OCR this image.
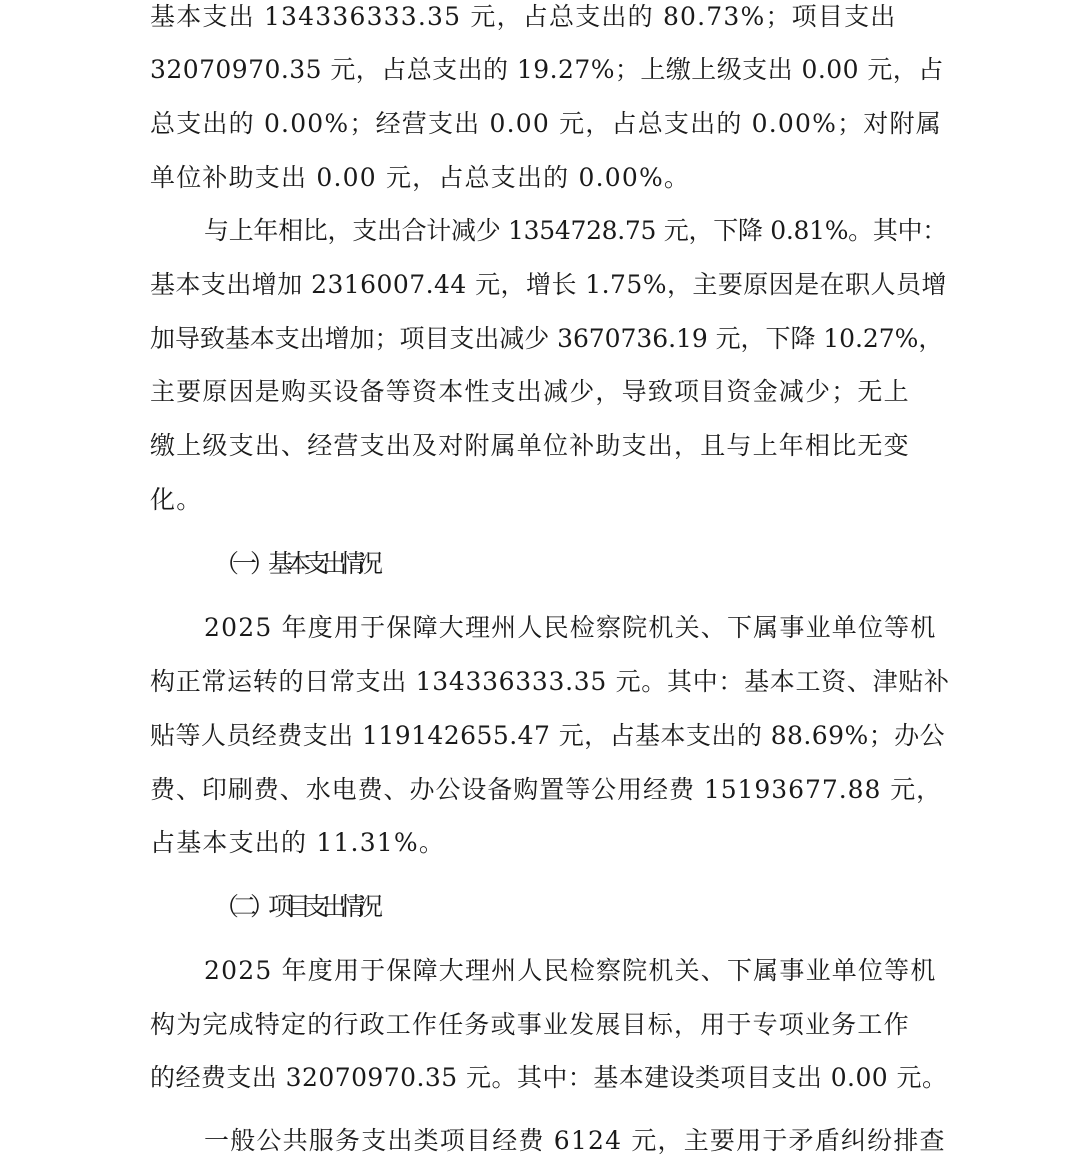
基本支出 134336333.35 元，占总支出的 80.73%；项目支出
32070970.35 元，占总支出的 19.27%；上缴上级支出 0.00 元，占
总支出的 0.00%；经营支出 0.00 元，占总支出的 0.00%；对附属
单位补助支出 0.00 元，占总支出的 0.00%。
与上年相比，支出合计减少 1354728.75 元，下降 0.81%。其中：
基本支出增加 2316007.44 元，增长 1.75%，主要原因是在职人员增
加导致基本支出增加；项目支出减少 3670736.19 元，下降 10.27%，
主要原因是购买设备等资本性支出减少，导致项目资金减少；无上
缴上级支出、经营支出及对附属单位补助支出，且与上年相比无变
化。
（一）基本支出情况
2025 年度用于保障大理州人民检察院机关、下属事业单位等机
构正常运转的日常支出 134336333.35 元。其中：基本工资、津贴补
贴等人员经费支出 119142655.47 元，占基本支出的 88.69%；办公
费、印刷费、水电费、办公设备购置等公用经费 15193677.88 元，
占基本支出的 11.31%。
（二）项目支出情况
2025 年度用于保障大理州人民检察院机关、下属事业单位等机
构为完成特定的行政工作任务或事业发展目标，用于专项业务工作
的经费支出 32070970.35 元。其中：基本建设类项目支出 0.00 元。
一般公共服务支出类项目经费 6124 元，主要用于矛盾纠纷排查
